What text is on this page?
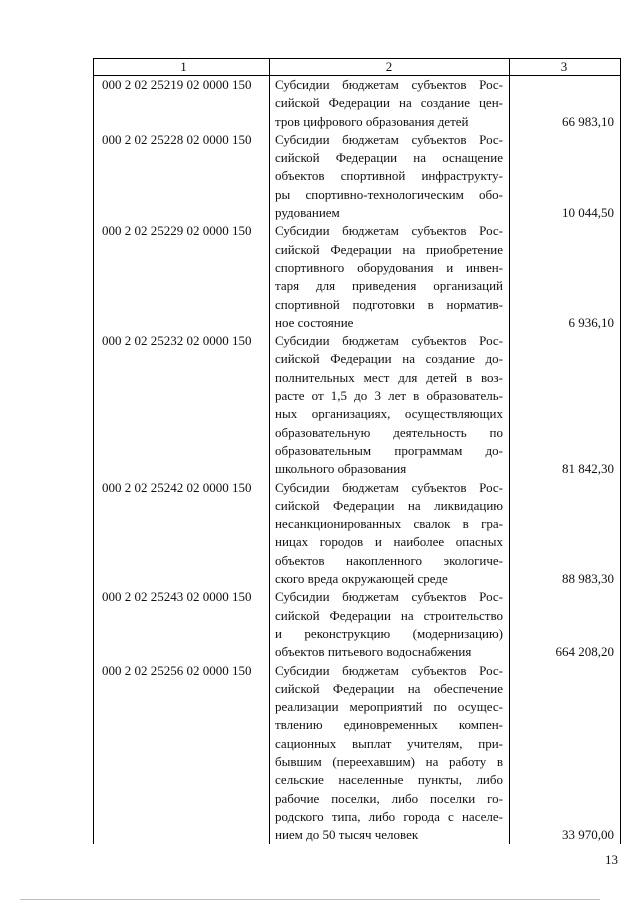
1	2	3
000 2 02 25219 02 0000 150	Субсидии бюджетам субъектов Рос-
сийской Федерации на создание цен-
тров цифрового образования детей	66 983,10
000 2 02 25228 02 0000 150	Субсидии бюджетам субъектов Рос-
сийской Федерации на оснащение
объектов спортивной инфраструкту-
ры спортивно-технологическим обо-
рудованием	10 044,50
000 2 02 25229 02 0000 150	Субсидии бюджетам субъектов Рос-
сийской Федерации на приобретение
спортивного оборудования и инвен-
таря для приведения организаций
спортивной подготовки в норматив-
ное состояние	6 936,10
000 2 02 25232 02 0000 150	Субсидии бюджетам субъектов Рос-
сийской Федерации на создание до-
полнительных мест для детей в воз-
расте от 1,5 до 3 лет в образователь-
ных организациях, осуществляющих
образовательную деятельность по
образовательным программам до-
школьного образования	81 842,30
000 2 02 25242 02 0000 150	Субсидии бюджетам субъектов Рос-
сийской Федерации на ликвидацию
несанкционированных свалок в гра-
ницах городов и наиболее опасных
объектов накопленного экологиче-
ского вреда окружающей среде	88 983,30
000 2 02 25243 02 0000 150	Субсидии бюджетам субъектов Рос-
сийской Федерации на строительство
и реконструкцию (модернизацию)
объектов питьевого водоснабжения	664 208,20
000 2 02 25256 02 0000 150	Субсидии бюджетам субъектов Рос-
сийской Федерации на обеспечение
реализации мероприятий по осущес-
твлению единовременных компен-
сационных выплат учителям, при-
бывшим (переехавшим) на работу в
сельские населенные пункты, либо
рабочие поселки, либо поселки го-
родского типа, либо города с населе-
нием до 50 тысяч человек	33 970,00
13
